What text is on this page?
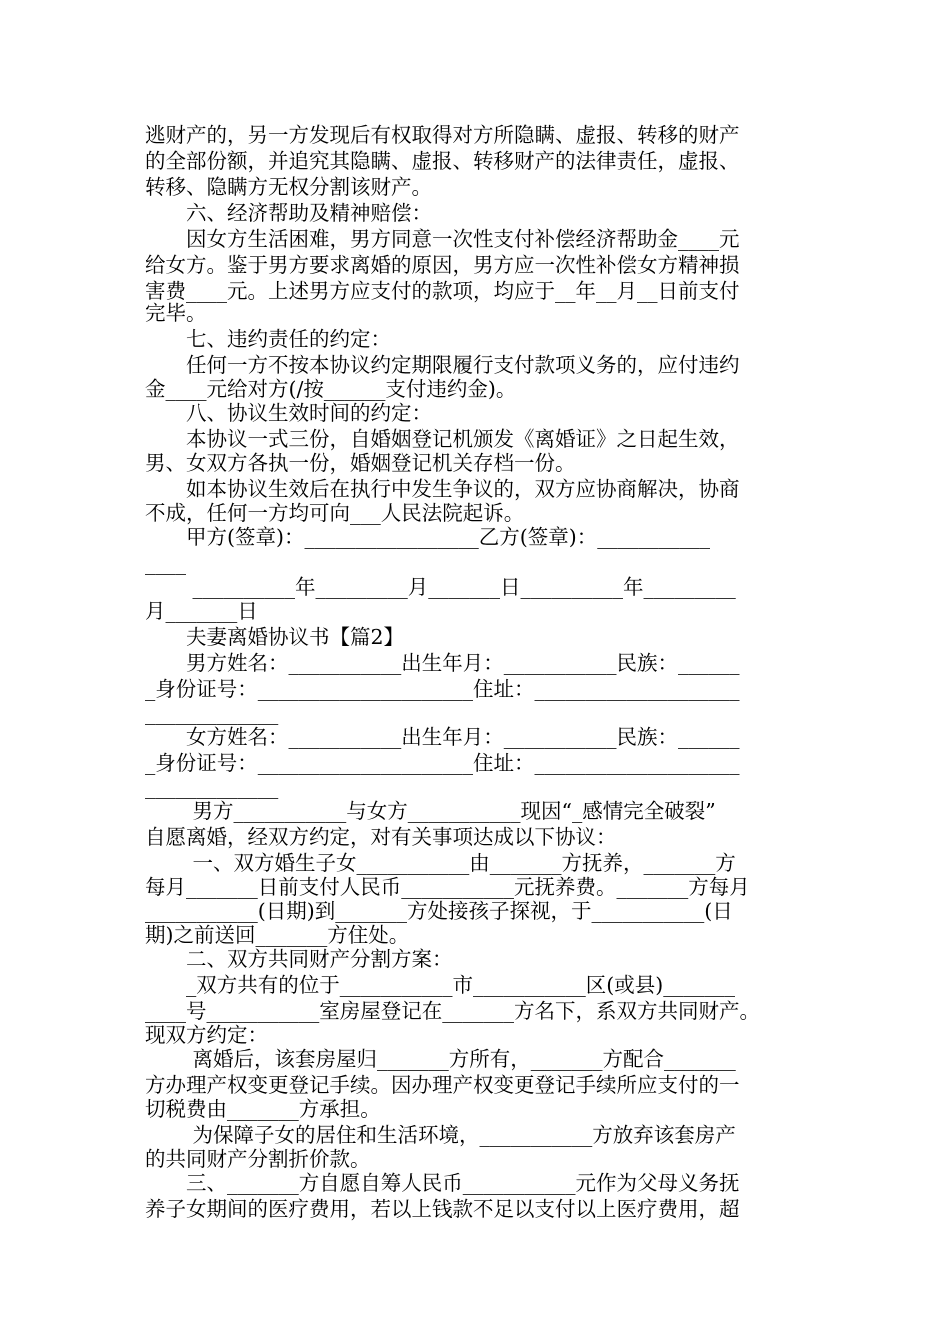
逃财产的，另一方发现后有权取得对方所隐瞒、虚报、转移的财产

的全部份额，并追究其隐瞒、虚报、转移财产的法律责任，虚报、

转移、隐瞒方无权分割该财产。

　　六、经济帮助及精神赔偿：

　　因女方生活困难，男方同意一次性支付补偿经济帮助金____元

给女方。鉴于男方要求离婚的原因，男方应一次性补偿女方精神损

害费____元。上述男方应支付的款项，均应于__年__月__日前支付

完毕。

　　七、违约责任的约定：

　　任何一方不按本协议约定期限履行支付款项义务的，应付违约

金____元给对方(/按______支付违约金)。

　　八、协议生效时间的约定：

　　本协议一式三份，自婚姻登记机颁发《离婚证》之日起生效，

男、女双方各执一份，婚姻登记机关存档一份。

　　如本协议生效后在执行中发生争议的，双方应协商解决，协商

不成，任何一方均可向___人民法院起诉。

　　甲方(签章)：_________________乙方(签章)：___________

____

　　 __________年_________月_______日__________年_________

月_______日

　　夫妻离婚协议书【篇2】

　　男方姓名：___________出生年月：___________民族：______

_身份证号：_____________________住址：____________________

_____________

　　女方姓名：___________出生年月：___________民族：______

_身份证号：_____________________住址：____________________

_____________

　　 男方___________与女方___________现因“_感情完全破裂”

自愿离婚，经双方约定，对有关事项达成以下协议：

　　 一、双方婚生子女___________由_______方抚养，_______方

每月_______日前支付人民币___________元抚养费。_______方每月

___________(日期)到_______方处接孩子探视，于___________(日

期)之前送回_______方住处。

　　二、双方共同财产分割方案：

　　_双方共有的位于___________市___________区(或县)_______

____号___________室房屋登记在_______方名下，系双方共同财产。

现双方约定：

　　 离婚后，该套房屋归_______方所有，_______方配合_______

方办理产权变更登记手续。因办理产权变更登记手续所应支付的一

切税费由_______方承担。

　　 为保障子女的居住和生活环境，___________方放弃该套房产

的共同财产分割折价款。

　　三、_______方自愿自筹人民币___________元作为父母义务抚

养子女期间的医疗费用，若以上钱款不足以支付以上医疗费用，超
